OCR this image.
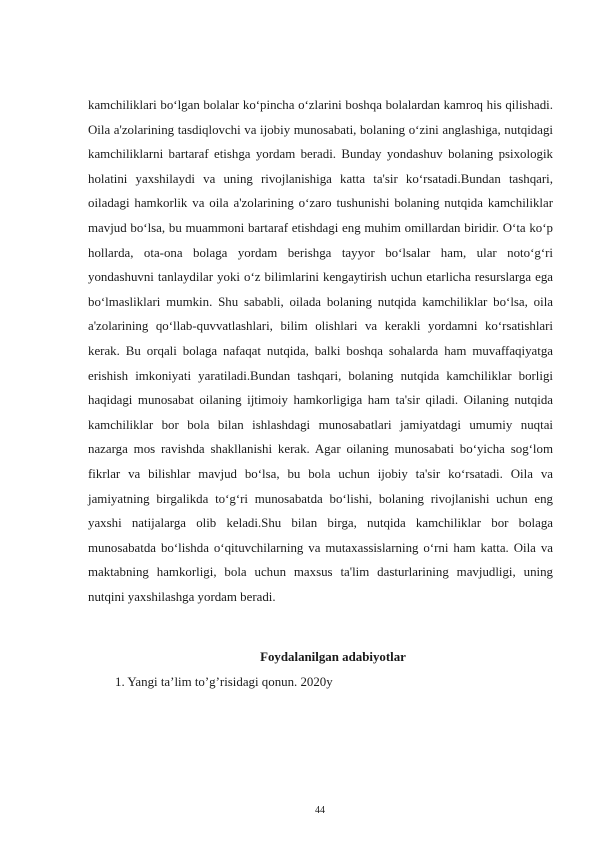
kamchiliklari bo‘lgan bolalar ko‘pincha o‘zlarini boshqa bolalardan kamroq his qilishadi. Oila a'zolarining tasdiqlovchi va ijobiy munosabati, bolaning o‘zini anglashiga, nutqidagi kamchiliklarni bartaraf etishga yordam beradi. Bunday yondashuv bolaning psixologik holatini yaxshilaydi va uning rivojlanishiga katta ta'sir ko‘rsatadi.Bundan tashqari, oiladagi hamkorlik va oila a'zolarining o‘zaro tushunishi bolaning nutqida kamchiliklar mavjud bo‘lsa, bu muammoni bartaraf etishdagi eng muhim omillardan biridir. O‘ta ko‘p hollarda, ota-ona bolaga yordam berishga tayyor bo‘lsalar ham, ular noto‘g‘ri yondashuvni tanlaydilar yoki o‘z bilimlarini kengaytirish uchun etarlicha resurslarga ega bo‘lmasliklari mumkin. Shu sababli, oilada bolaning nutqida kamchiliklar bo‘lsa, oila a'zolarining qo‘llab-quvvatlashlari, bilim olishlari va kerakli yordamni ko‘rsatishlari kerak. Bu orqali bolaga nafaqat nutqida, balki boshqa sohalarda ham muvaffaqiyatga erishish imkoniyati yaratiladi.Bundan tashqari, bolaning nutqida kamchiliklar borligi haqidagi munosabat oilaning ijtimoiy hamkorligiga ham ta'sir qiladi. Oilaning nutqida kamchiliklar bor bola bilan ishlashdagi munosabatlari jamiyatdagi umumiy nuqtai nazarga mos ravishda shakllanishi kerak. Agar oilaning munosabati bo‘yicha sog‘lom fikrlar va bilishlar mavjud bo‘lsa, bu bola uchun ijobiy ta'sir ko‘rsatadi. Oila va jamiyatning birgalikda to‘g‘ri munosabatda bo‘lishi, bolaning rivojlanishi uchun eng yaxshi natijalarga olib keladi.Shu bilan birga, nutqida kamchiliklar bor bolaga munosabatda bo‘lishda o‘qituvchilarning va mutaxassislarning o‘rni ham katta. Oila va maktabning hamkorligi, bola uchun maxsus ta'lim dasturlarining mavjudligi, uning nutqini yaxshilashga yordam beradi.

Foydalanilgan adabiyotlar

1. Yangi ta’lim to’g’risidagi qonun. 2020y
44
